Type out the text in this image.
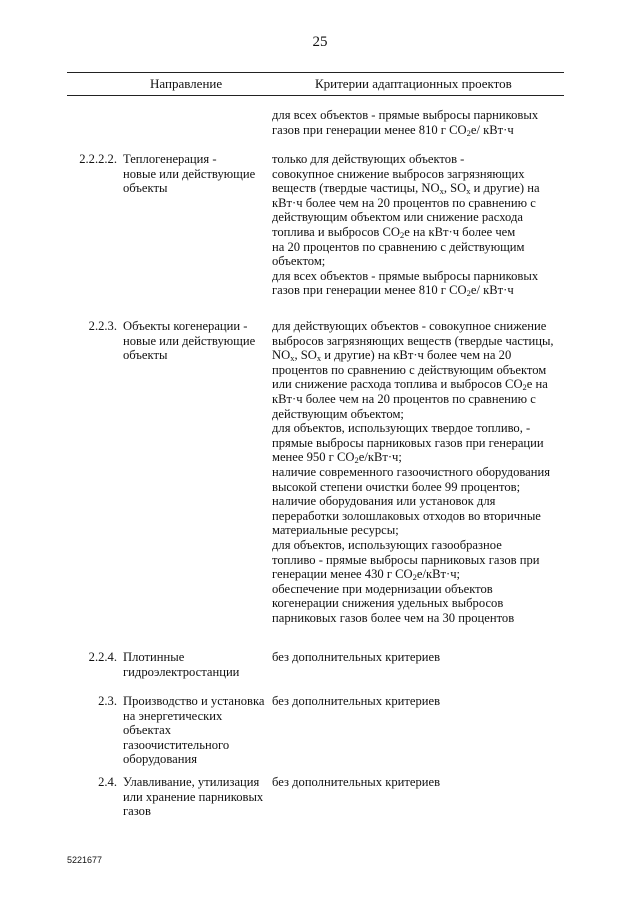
25
Направление	Критерии адаптационных проектов
для всех объектов - прямые выбросы парниковых
газов при генерации менее 810 г $CO_2e/$ кВт·ч
2.2.2.2. Теплогенерация -
новые или действующие
объекты
только для действующих объектов -
совокупное снижение выбросов загрязняющих
веществ (твердые частицы, $NO_x$, $SO_x$ и другие) на
кВт·ч более чем на 20 процентов по сравнению с
действующим объектом или снижение расхода
топлива и выбросов $CO_2e$ на кВт·ч более чем
на 20 процентов по сравнению с действующим
объектом;
для всех объектов - прямые выбросы парниковых
газов при генерации менее 810 г $CO_2e/$ кВт·ч
2.2.3. Объекты когенерации -
новые или действующие
объекты
для действующих объектов - совокупное снижение
выбросов загрязняющих веществ (твердые частицы,
$NO_x$, $SO_x$ и другие) на кВт·ч более чем на 20
процентов по сравнению с действующим объектом
или снижение расхода топлива и выбросов $CO_2e$ на
кВт·ч более чем на 20 процентов по сравнению с
действующим объектом;
для объектов, использующих твердое топливо, -
прямые выбросы парниковых газов при генерации
менее 950 г $CO_2e/кВт\cdot ч$;
наличие современного газоочистного оборудования
высокой степени очистки более 99 процентов;
наличие оборудования или установок для
переработки золошлаковых отходов во вторичные
материальные ресурсы;
для объектов, использующих газообразное
топливо - прямые выбросы парниковых газов при
генерации менее 430 г $CO_2e/кВт\cdot ч$;
обеспечение при модернизации объектов
когенерации снижения удельных выбросов
парниковых газов более чем на 30 процентов
2.2.4. Плотинные
гидроэлектростанции
без дополнительных критериев
2.3. Производство и установка
на энергетических
объектах
газоочистительного
оборудования
без дополнительных критериев
2.4. Улавливание, утилизация
или хранение парниковых
газов
без дополнительных критериев
5221677
